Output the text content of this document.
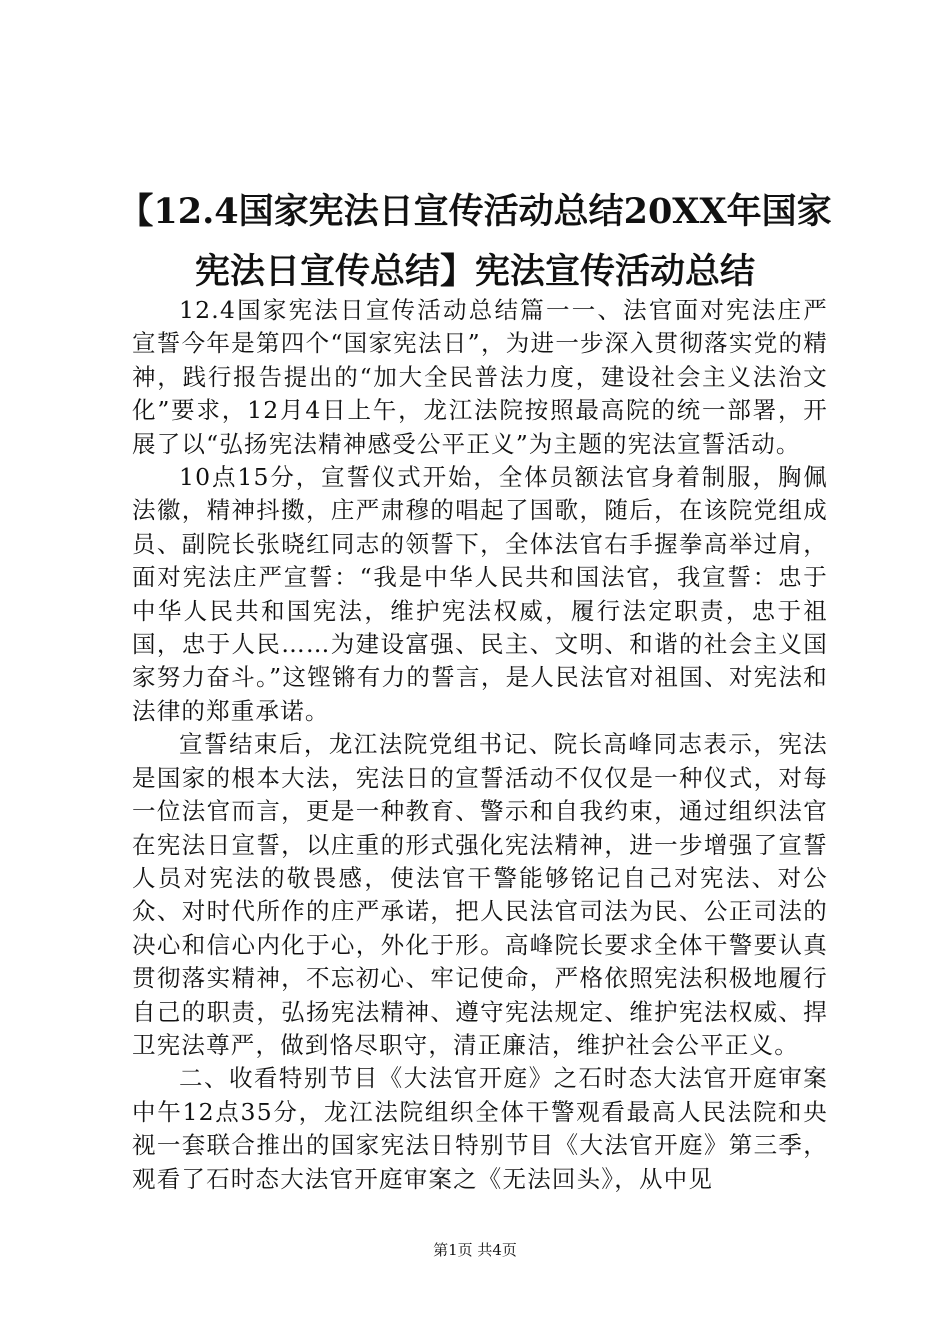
【12.4国家宪法日宣传活动总结20XX年国家宪法日宣传总结】宪法宣传活动总结

12.4国家宪法日宣传活动总结篇一一、法官面对宪法庄严宣誓今年是第四个“国家宪法日”，为进一步深入贯彻落实党的精神，践行报告提出的“加大全民普法力度，建设社会主义法治文化”要求，12月4日上午，龙江法院按照最高院的统一部署，开展了以“弘扬宪法精神感受公平正义”为主题的宪法宣誓活动。

10点15分，宣誓仪式开始，全体员额法官身着制服，胸佩法徽，精神抖擞，庄严肃穆的唱起了国歌，随后，在该院党组成员、副院长张晓红同志的领誓下，全体法官右手握拳高举过肩，面对宪法庄严宣誓：“我是中华人民共和国法官，我宣誓：忠于中华人民共和国宪法，维护宪法权威，履行法定职责，忠于祖国，忠于人民……为建设富强、民主、文明、和谐的社会主义国家努力奋斗。”这铿锵有力的誓言，是人民法官对祖国、对宪法和法律的郑重承诺。

宣誓结束后，龙江法院党组书记、院长高峰同志表示，宪法是国家的根本大法，宪法日的宣誓活动不仅仅是一种仪式，对每一位法官而言，更是一种教育、警示和自我约束，通过组织法官在宪法日宣誓，以庄重的形式强化宪法精神，进一步增强了宣誓人员对宪法的敬畏感，使法官干警能够铭记自己对宪法、对公众、对时代所作的庄严承诺，把人民法官司法为民、公正司法的决心和信心内化于心，外化于形。高峰院长要求全体干警要认真贯彻落实精神，不忘初心、牢记使命，严格依照宪法积极地履行自己的职责，弘扬宪法精神、遵守宪法规定、维护宪法权威、捍卫宪法尊严，做到恪尽职守，清正廉洁，维护社会公平正义。

二、收看特别节目《大法官开庭》之石时态大法官开庭审案中午12点35分，龙江法院组织全体干警观看最高人民法院和央视一套联合推出的国家宪法日特别节目《大法官开庭》第三季，观看了石时态大法官开庭审案之《无法回头》，从中见

第1页 共4页
